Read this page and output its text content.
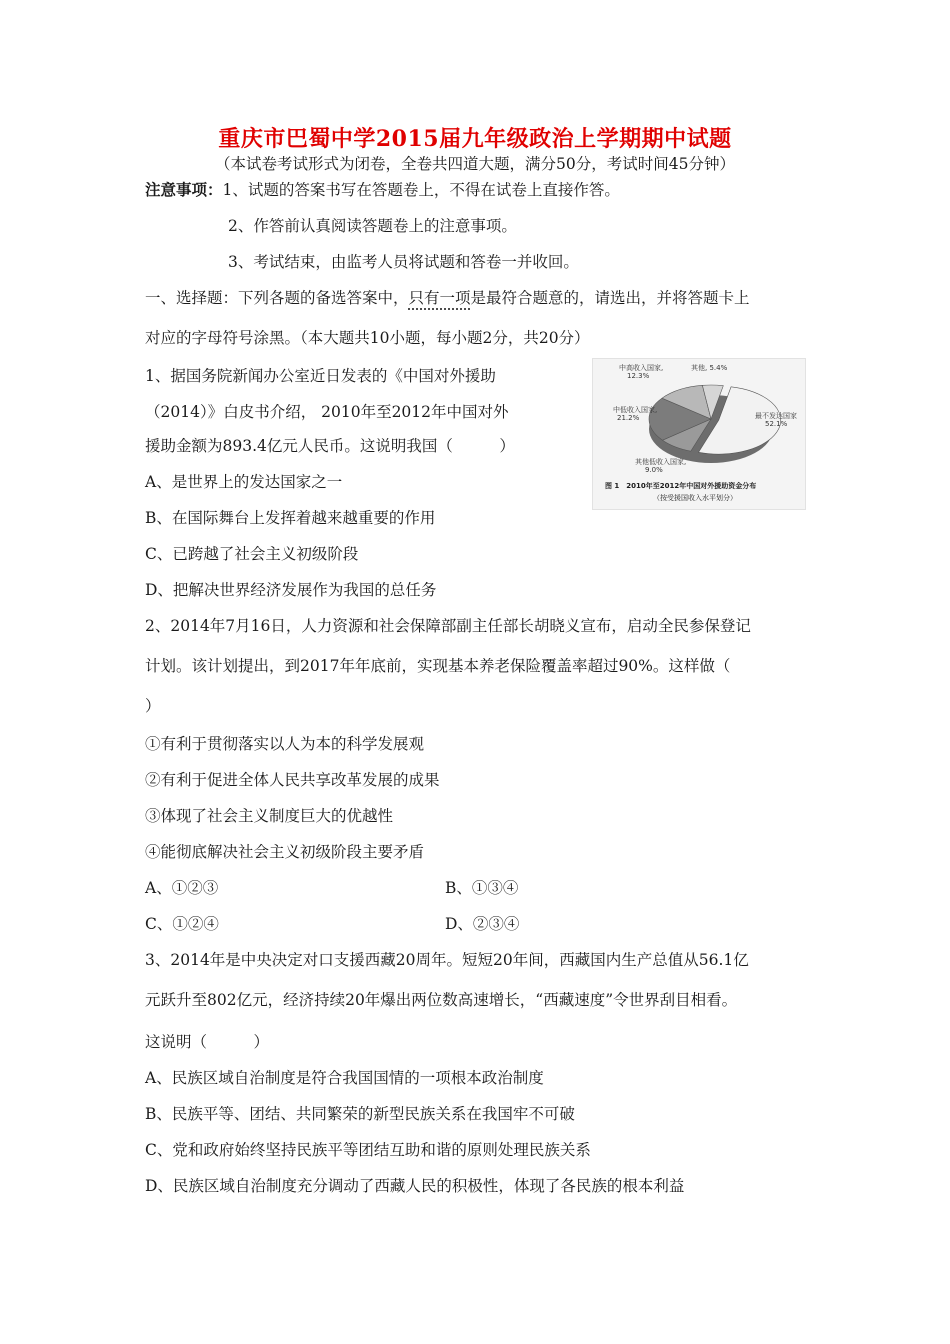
重庆市巴蜀中学2015届九年级政治上学期期中试题
（本试卷考试形式为闭卷，全卷共四道大题，满分50分，考试时间45分钟）
注意事项：1、试题的答案书写在答题卷上，不得在试卷上直接作答。
2、作答前认真阅读答题卷上的注意事项。
3、考试结束，由监考人员将试题和答卷一并收回。
一、选择题：下列各题的备选答案中，只有一项是最符合题意的，请选出，并将答题卡上
对应的字母符号涂黑。（本大题共10小题，每小题2分，共20分）
1、据国务院新闻办公室近日发表的《中国对外援助
（2014）》白皮书介绍， 2010年至2012年中国对外
援助金额为893.4亿元人民币。这说明我国（　　　）
A、是世界上的发达国家之一
B、在国际舞台上发挥着越来越重要的作用
C、已跨越了社会主义初级阶段
D、把解决世界经济发展作为我国的总任务
中高收入国家,
12.3%
其他, 5.4%
中低收入国家,
21.2%	最不发达国家
52.1%
其他低收入国家,
9.0%
图 1　2010年至2012年中国对外援助资金分布
（按受援国收入水平划分）
2、2014年7月16日，人力资源和社会保障部副主任部长胡晓义宣布，启动全民参保登记
计划。该计划提出，到2017年年底前，实现基本养老保险覆盖率超过90%。这样做（
）
①有利于贯彻落实以人为本的科学发展观
②有利于促进全体人民共享改革发展的成果
③体现了社会主义制度巨大的优越性
④能彻底解决社会主义初级阶段主要矛盾
A、①②③	B、①③④
C、①②④	D、②③④
3、2014年是中央决定对口支援西藏20周年。短短20年间，西藏国内生产总值从56.1亿
元跃升至802亿元，经济持续20年爆出两位数高速增长，“西藏速度”令世界刮目相看。
这说明（　　　）
A、民族区域自治制度是符合我国国情的一项根本政治制度
B、民族平等、团结、共同繁荣的新型民族关系在我国牢不可破
C、党和政府始终坚持民族平等团结互助和谐的原则处理民族关系
D、民族区域自治制度充分调动了西藏人民的积极性，体现了各民族的根本利益
